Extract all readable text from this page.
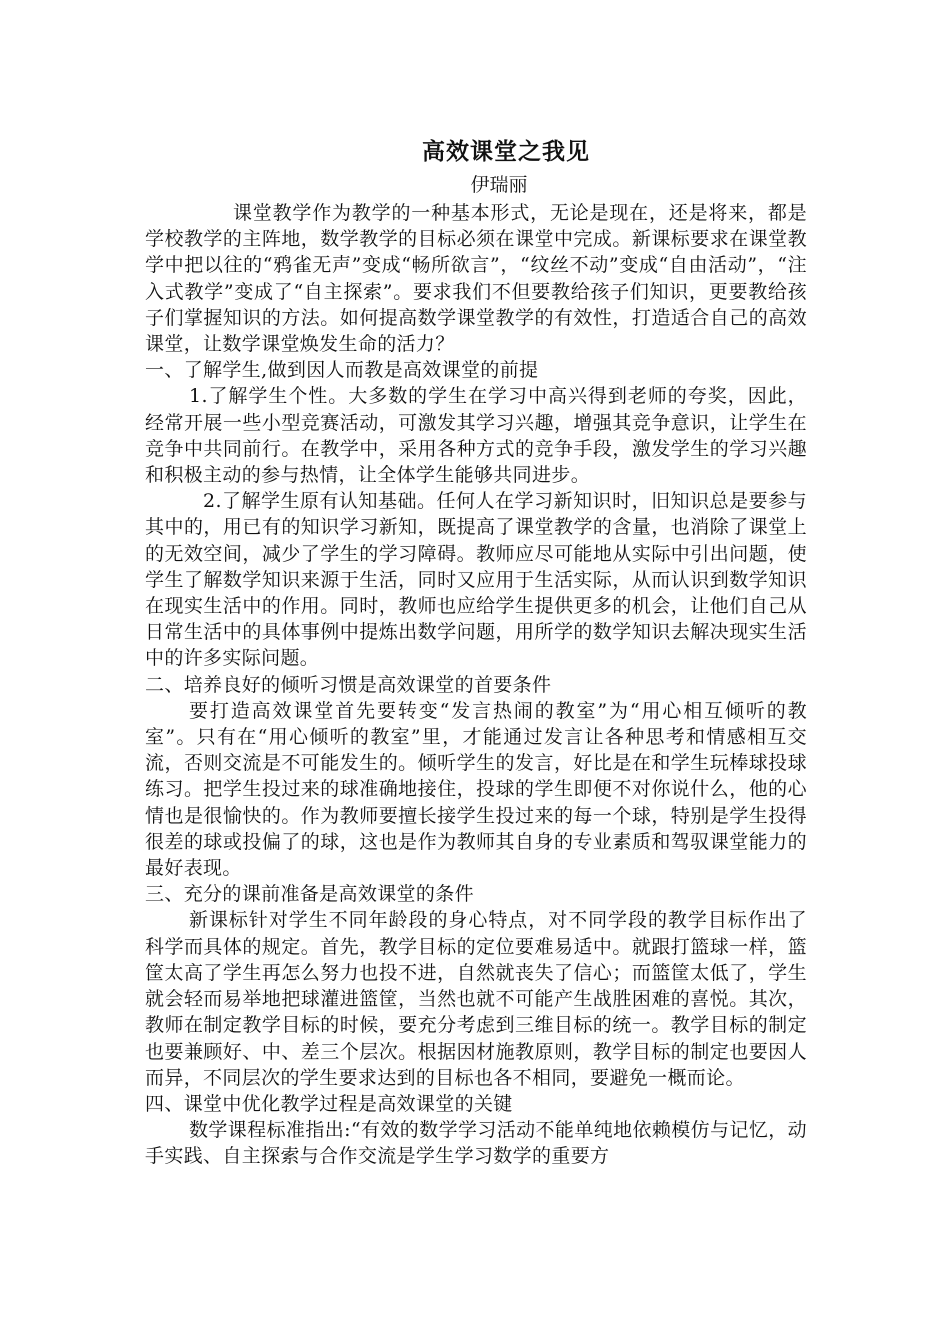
高效课堂之我见
伊瑞丽

课堂教学作为教学的一种基本形式，无论是现在，还是将来，都是学校教学的主阵地，数学教学的目标必须在课堂中完成。新课标要求在课堂教学中把以往的“鸦雀无声”变成“畅所欲言”，“纹丝不动”变成“自由活动”，“注入式教学”变成了“自主探索”。要求我们不但要教给孩子们知识，更要教给孩子们掌握知识的方法。如何提高数学课堂教学的有效性，打造适合自己的高效课堂，让数学课堂焕发生命的活力？

一、了解学生,做到因人而教是高效课堂的前提

1.了解学生个性。大多数的学生在学习中高兴得到老师的夸奖，因此，经常开展一些小型竞赛活动，可激发其学习兴趣，增强其竞争意识，让学生在竞争中共同前行。在教学中，采用各种方式的竞争手段，激发学生的学习兴趣和积极主动的参与热情，让全体学生能够共同进步。

2.了解学生原有认知基础。任何人在学习新知识时，旧知识总是要参与其中的，用已有的知识学习新知，既提高了课堂教学的含量，也消除了课堂上的无效空间，减少了学生的学习障碍。教师应尽可能地从实际中引出问题，使学生了解数学知识来源于生活，同时又应用于生活实际，从而认识到数学知识在现实生活中的作用。同时，教师也应给学生提供更多的机会，让他们自己从日常生活中的具体事例中提炼出数学问题，用所学的数学知识去解决现实生活中的许多实际问题。

二、培养良好的倾听习惯是高效课堂的首要条件

要打造高效课堂首先要转变“发言热闹的教室”为“用心相互倾听的教室”。只有在“用心倾听的教室”里，才能通过发言让各种思考和情感相互交流，否则交流是不可能发生的。倾听学生的发言，好比是在和学生玩棒球投球练习。把学生投过来的球准确地接住，投球的学生即便不对你说什么，他的心情也是很愉快的。作为教师要擅长接学生投过来的每一个球，特别是学生投得很差的球或投偏了的球，这也是作为教师其自身的专业素质和驾驭课堂能力的最好表现。

三、充分的课前准备是高效课堂的条件

新课标针对学生不同年龄段的身心特点，对不同学段的教学目标作出了科学而具体的规定。首先，教学目标的定位要难易适中。就跟打篮球一样，篮筐太高了学生再怎么努力也投不进，自然就丧失了信心；而篮筐太低了，学生就会轻而易举地把球灌进篮筐，当然也就不可能产生战胜困难的喜悦。其次，教师在制定教学目标的时候，要充分考虑到三维目标的统一。教学目标的制定也要兼顾好、中、差三个层次。根据因材施教原则，教学目标的制定也要因人而异，不同层次的学生要求达到的目标也各不相同，要避免一概而论。

四、课堂中优化教学过程是高效课堂的关键

数学课程标准指出:“有效的数学学习活动不能单纯地依赖模仿与记忆，动手实践、自主探索与合作交流是学生学习数学的重要方
